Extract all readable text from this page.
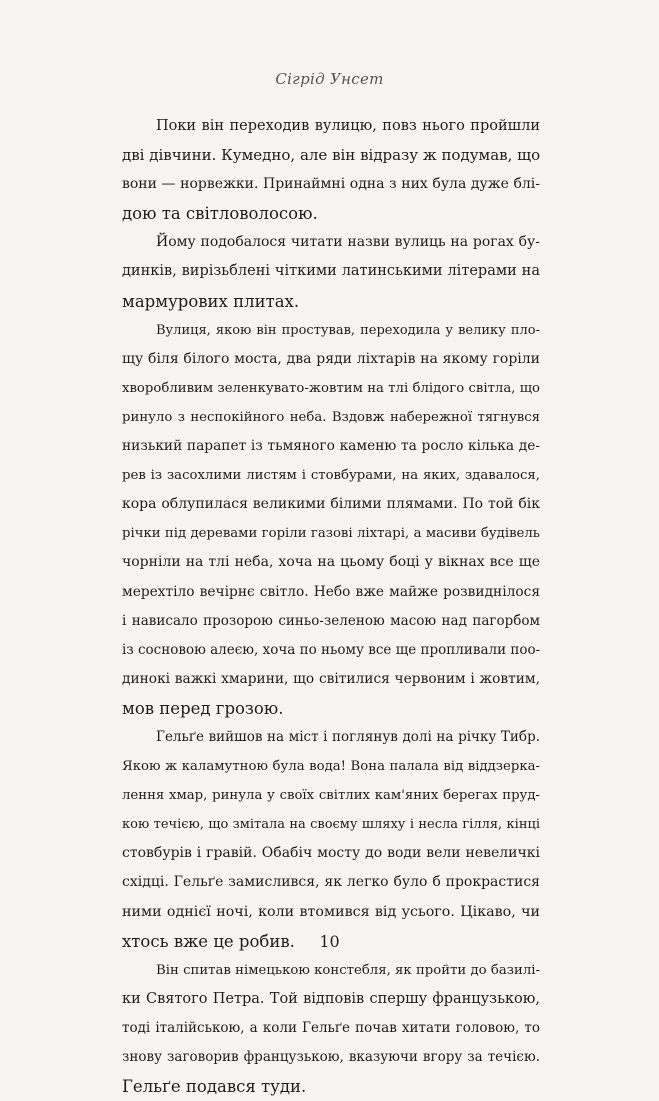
Сігрід Унсет
Поки він переходив вулицю, повз нього пройшли
дві дівчини. Кумедно, але він відразу ж подумав, що
вони — норвежки. Принаймні одна з них була дуже блі-
дою та світловолосою.
Йому подобалося читати назви вулиць на рогах бу-
динків, вирізьблені чіткими латинськими літерами на
мармурових плитах.
Вулиця, якою він простував, переходила у велику пло-
щу біля білого моста, два ряди ліхтарів на якому горіли
хворобливим зеленкувато-жовтим на тлі блідого світла, що
ринуло з неспокійного неба. Вздовж набережної тягнувся
низький парапет із тьмяного каменю та росло кілька де-
рев із засохлими листям і стовбурами, на яких, здавалося,
кора облупилася великими білими плямами. По той бік
річки під деревами горіли газові ліхтарі, а масиви будівель
чорніли на тлі неба, хоча на цьому боці у вікнах все ще
мерехтіло вечірнє світло. Небо вже майже розвиднілося
і нависало прозорою синьо-зеленою масою над пагорбом
із сосновою алеєю, хоча по ньому все ще пропливали поо-
динокі важкі хмарини, що світилися червоним і жовтим,
мов перед грозою.
Гельґе вийшов на міст і поглянув долі на річку Тибр.
Якою ж каламутною була вода! Вона палала від віддзеркa-
лення хмар, ринула у своїх світлих кам'яних берегах пруд-
кою течією, що змітала на своєму шляху і несла гілля, кінці
стовбурів і гравій. Обабіч мосту до води вели невеличкі
східці. Гельґе замислився, як легко було б прокрастися
ними однієї ночі, коли втомився від усього. Цікаво, чи
хтось вже це робив.
Він спитав німецькою констебля, як пройти до базилі-
ки Святого Петра. Той відповів спершу французькою,
тоді італійською, а коли Гельґе почав хитати головою, то
знову заговорив французькою, вказуючи вгору за течією.
Гельґе подався туди.
10
